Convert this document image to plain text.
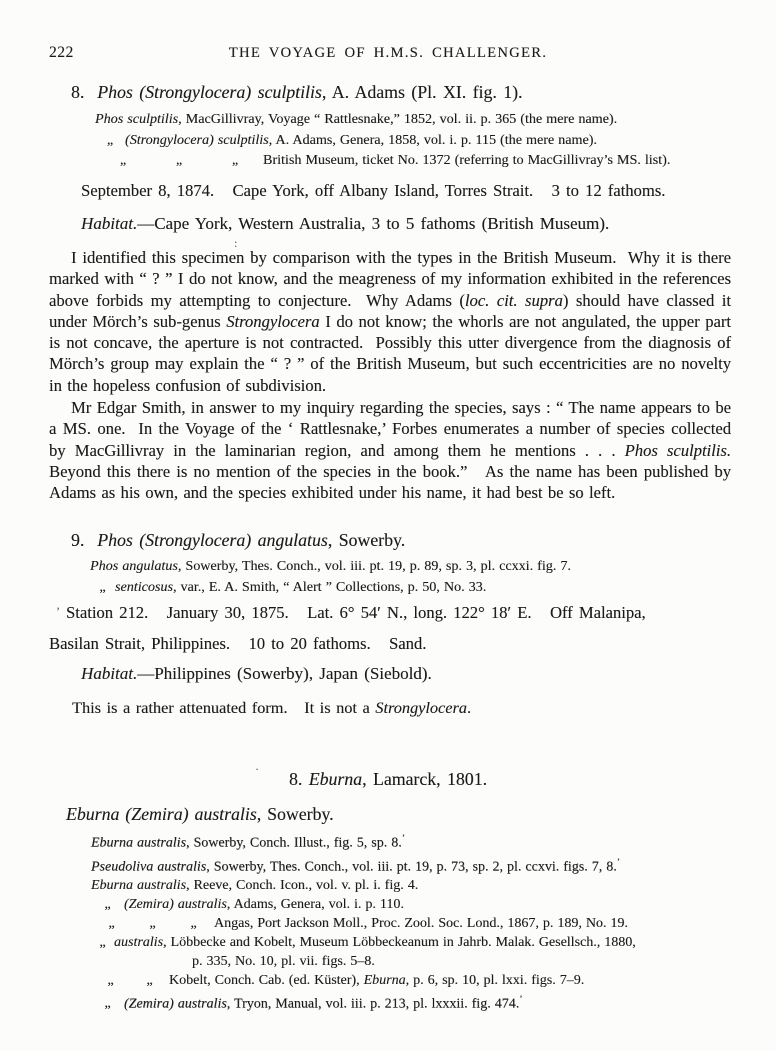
222	THE VOYAGE OF H.M.S. CHALLENGER.
8.  Phos (Strongylocera) sculptilis, A. Adams (Pl. XI. fig. 1).
Phos sculptilis, MacGillivray, Voyage “ Rattlesnake,” 1852, vol. ii. p. 365 (the mere name).
„ (Strongylocera) sculptilis, A. Adams, Genera, 1858, vol. i. p. 115 (the mere name).
„	„	„ British Museum, ticket No. 1372 (referring to MacGillivray’s MS. list).
September 8, 1874.   Cape York, off Albany Island, Torres Strait.   3 to 12 fathoms.
Habitat.—Cape York, Western Australia, 3 to 5 fathoms (British Museum).
I identified this specimen by comparison with the types in the British Museum.  Why it is there marked with “ ? ” I do not know, and the meagreness of my information exhibited in the references above forbids my attempting to conjecture.  Why Adams (loc. cit. supra) should have classed it under Mörch’s sub-genus Strongylocera I do not know; the whorls are not angulated, the upper part is not concave, the aperture is not contracted.  Possibly this utter divergence from the diagnosis of Mörch’s group may explain the “ ? ” of the British Museum, but such eccentricities are no novelty in the hopeless confusion of subdivision.
Mr Edgar Smith, in answer to my inquiry regarding the species, says : “ The name appears to be a MS. one.  In the Voyage of the ‘ Rattlesnake,’ Forbes enumerates a number of species collected by MacGillivray in the laminarian region, and among them he mentions . . . Phos sculptilis.  Beyond this there is no mention of the species in the book.”   As the name has been published by Adams as his own, and the species exhibited under his name, it had best be so left.
9.  Phos (Strongylocera) angulatus, Sowerby.
Phos angulatus, Sowerby, Thes. Conch., vol. iii. pt. 19, p. 89, sp. 3, pl. ccxxi. fig. 7.
„ senticosus, var., E. A. Smith, “ Alert ” Collections, p. 50, No. 33.
Station 212.   January 30, 1875.   Lat. 6° 54′ N., long. 122° 18′ E.   Off Malanipa,
Basilan Strait, Philippines.   10 to 20 fathoms.   Sand.
Habitat.—Philippines (Sowerby), Japan (Siebold).
This is a rather attenuated form.   It is not a Strongylocera.
8. Eburna, Lamarck, 1801.
Eburna (Zemira) australis, Sowerby.
Eburna australis, Sowerby, Conch. Illust., fig. 5, sp. 8.’
Pseudoliva australis, Sowerby, Thes. Conch., vol. iii. pt. 19, p. 73, sp. 2, pl. ccxvi. figs. 7, 8.’
Eburna australis, Reeve, Conch. Icon., vol. v. pl. i. fig. 4.
„ (Zemira) australis, Adams, Genera, vol. i. p. 110.
„ „ „ Angas, Port Jackson Moll., Proc. Zool. Soc. Lond., 1867, p. 189, No. 19.
„ australis, Löbbecke and Kobelt, Museum Löbbeckeanum in Jahrb. Malak. Gesellsch., 1880,
p. 335, No. 10, pl. vii. figs. 5–8.
„ „ Kobelt, Conch. Cab. (ed. Küster), Eburna, p. 6, sp. 10, pl. lxxi. figs. 7–9.
„ (Zemira) australis, Tryon, Manual, vol. iii. p. 213, pl. lxxxii. fig. 474.’
:
’
·
